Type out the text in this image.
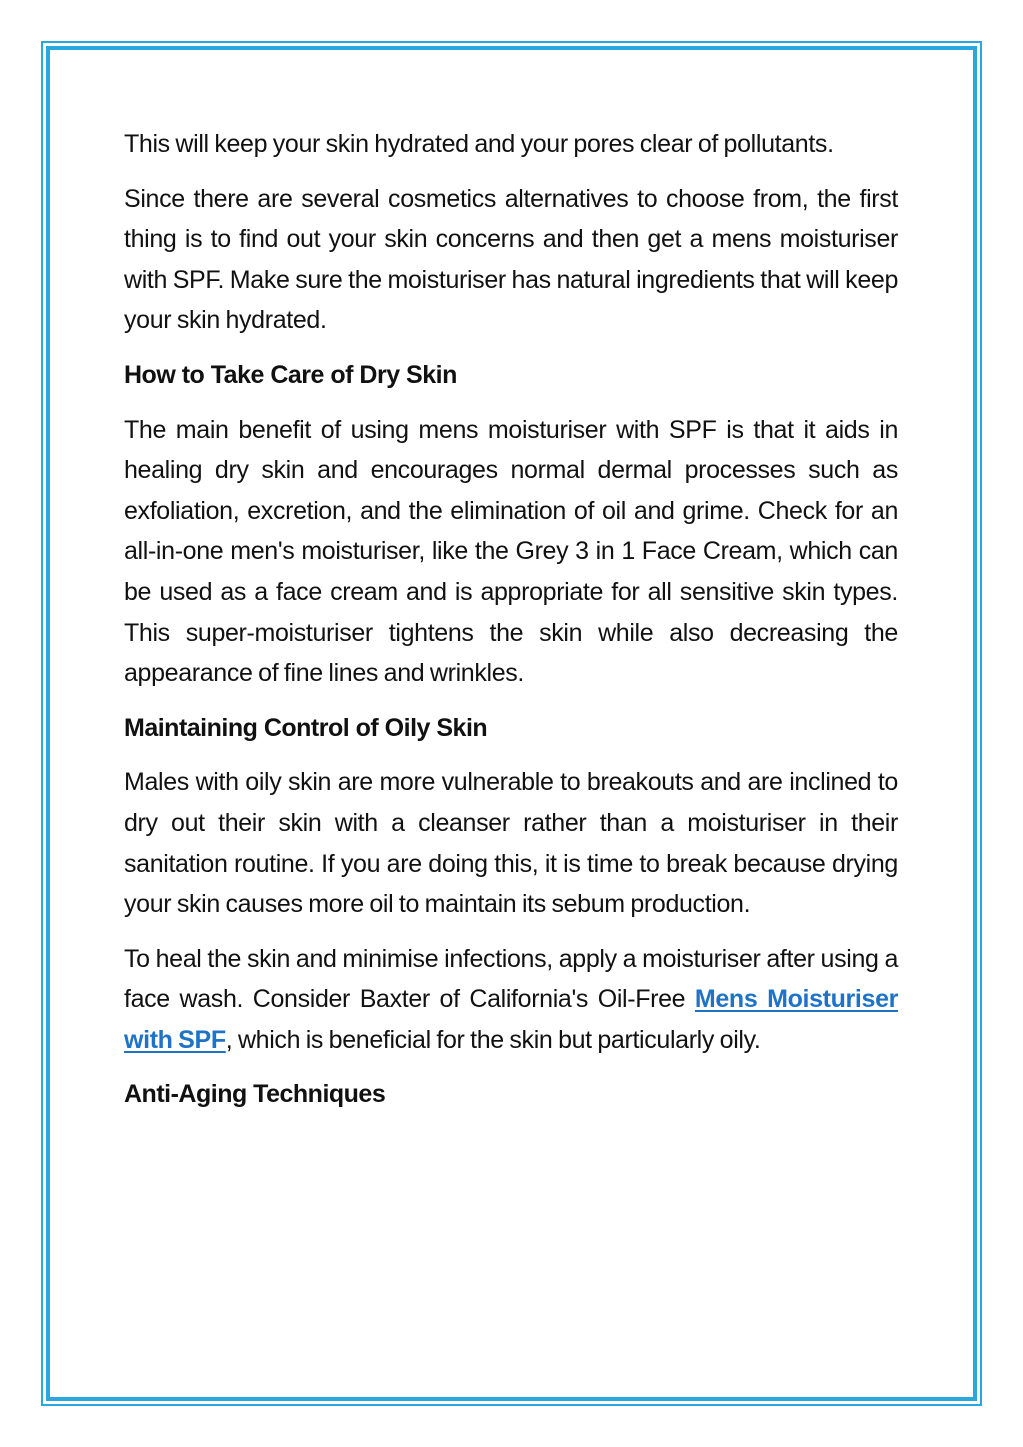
This will keep your skin hydrated and your pores clear of pollutants.

Since there are several cosmetics alternatives to choose from, the first thing is to find out your skin concerns and then get a mens moisturiser with SPF. Make sure the moisturiser has natural ingredients that will keep your skin hydrated.

How to Take Care of Dry Skin

The main benefit of using mens moisturiser with SPF is that it aids in healing dry skin and encourages normal dermal processes such as exfoliation, excretion, and the elimination of oil and grime. Check for an all-in-one men's moisturiser, like the Grey 3 in 1 Face Cream, which can be used as a face cream and is appropriate for all sensitive skin types. This super-moisturiser tightens the skin while also decreasing the appearance of fine lines and wrinkles.

Maintaining Control of Oily Skin

Males with oily skin are more vulnerable to breakouts and are inclined to dry out their skin with a cleanser rather than a moisturiser in their sanitation routine. If you are doing this, it is time to break because drying your skin causes more oil to maintain its sebum production.

To heal the skin and minimise infections, apply a moisturiser after using a face wash. Consider Baxter of California's Oil-Free Mens Moisturiser with SPF, which is beneficial for the skin but particularly oily.

Anti-Aging Techniques
